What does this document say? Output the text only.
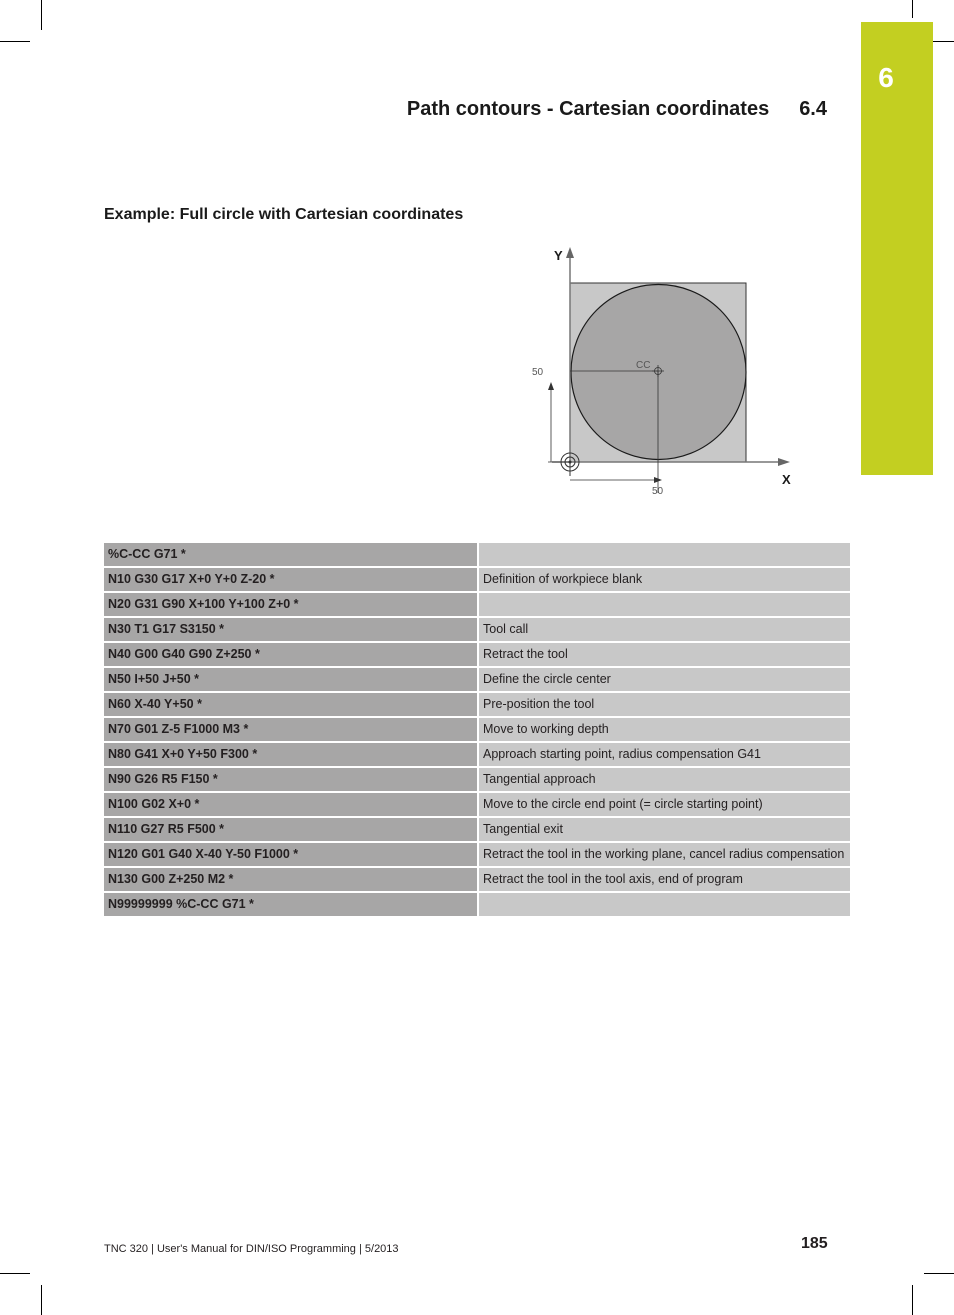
6
Path contours - Cartesian coordinates 6.4
Example: Full circle with Cartesian coordinates
Y
X
CC
50
50
%C-CC G71 *	
N10 G30 G17 X+0 Y+0 Z-20 *	Definition of workpiece blank
N20 G31 G90 X+100 Y+100 Z+0 *	
N30 T1 G17 S3150 *	Tool call
N40 G00 G40 G90 Z+250 *	Retract the tool
N50 I+50 J+50 *	Define the circle center
N60 X-40 Y+50 *	Pre-position the tool
N70 G01 Z-5 F1000 M3 *	Move to working depth
N80 G41 X+0 Y+50 F300 *	Approach starting point, radius compensation G41
N90 G26 R5 F150 *	Tangential approach
N100 G02 X+0 *	Move to the circle end point (= circle starting point)
N110 G27 R5 F500 *	Tangential exit
N120 G01 G40 X-40 Y-50 F1000 *	Retract the tool in the working plane, cancel radius compensation
N130 G00 Z+250 M2 *	Retract the tool in the tool axis, end of program
N99999999 %C-CC G71 *	
TNC 320 | User's Manual for DIN/ISO Programming | 5/2013	185
